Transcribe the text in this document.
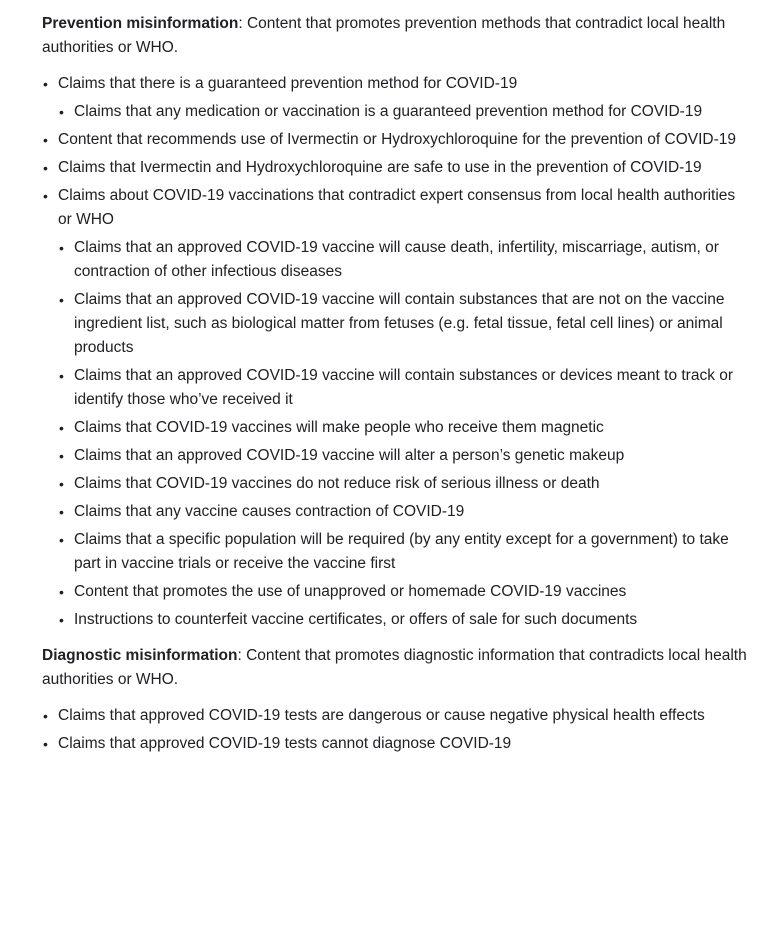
Prevention misinformation: Content that promotes prevention methods that contradict local health authorities or WHO.

• Claims that there is a guaranteed prevention method for COVID-19
• Claims that any medication or vaccination is a guaranteed prevention method for COVID-19
• Content that recommends use of Ivermectin or Hydroxychloroquine for the prevention of COVID-19
• Claims that Ivermectin and Hydroxychloroquine are safe to use in the prevention of COVID-19
• Claims about COVID-19 vaccinations that contradict expert consensus from local health authorities or WHO
• Claims that an approved COVID-19 vaccine will cause death, infertility, miscarriage, autism, or contraction of other infectious diseases
• Claims that an approved COVID-19 vaccine will contain substances that are not on the vaccine ingredient list, such as biological matter from fetuses (e.g. fetal tissue, fetal cell lines) or animal products
• Claims that an approved COVID-19 vaccine will contain substances or devices meant to track or identify those who’ve received it
• Claims that COVID-19 vaccines will make people who receive them magnetic
• Claims that an approved COVID-19 vaccine will alter a person’s genetic makeup
• Claims that COVID-19 vaccines do not reduce risk of serious illness or death
• Claims that any vaccine causes contraction of COVID-19
• Claims that a specific population will be required (by any entity except for a government) to take part in vaccine trials or receive the vaccine first
• Content that promotes the use of unapproved or homemade COVID-19 vaccines
• Instructions to counterfeit vaccine certificates, or offers of sale for such documents

Diagnostic misinformation: Content that promotes diagnostic information that contradicts local health authorities or WHO.

• Claims that approved COVID-19 tests are dangerous or cause negative physical health effects
• Claims that approved COVID-19 tests cannot diagnose COVID-19
